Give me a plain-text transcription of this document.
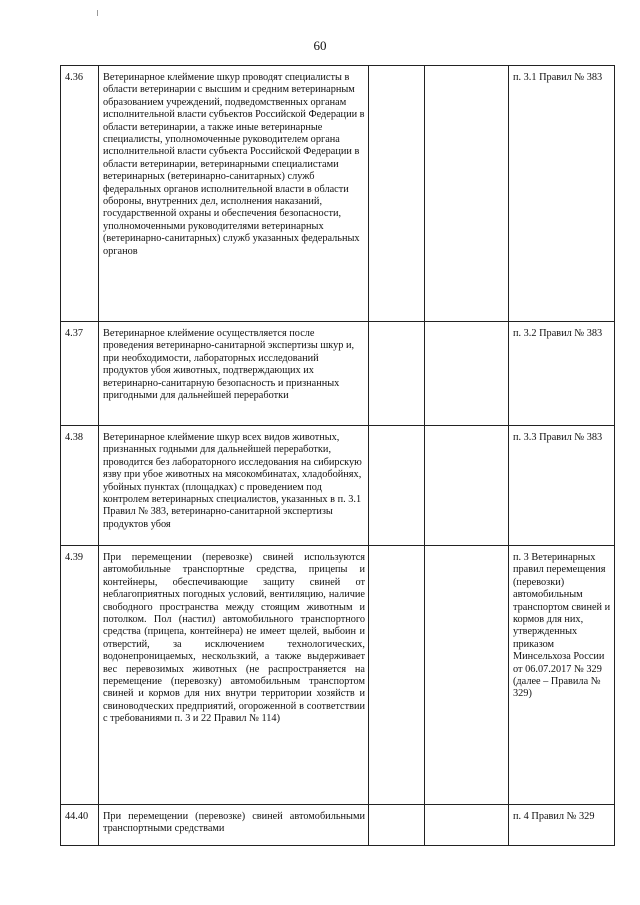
60
4.36	Ветеринарное клеймение шкур проводят специалисты в области ветеринарии с высшим и средним ветеринарным образованием учреждений, подведомственных органам исполнительной власти субъектов Российской Федерации в области ветеринарии, а также иные ветеринарные специалисты, уполномоченные руководителем органа исполнительной власти субъекта Российской Федерации в области ветеринарии, ветеринарными специалистами ветеринарных (ветеринарно-санитарных) служб федеральных органов исполнительной власти в области обороны, внутренних дел, исполнения наказаний, государственной охраны и обеспечения безопасности, уполномоченными руководителями ветеринарных (ветеринарно-санитарных) служб указанных федеральных органов			п. 3.1 Правил № 383
4.37	Ветеринарное клеймение осуществляется после проведения ветеринарно-санитарной экспертизы шкур и, при необходимости, лабораторных исследований продуктов убоя животных, подтверждающих их ветеринарно-санитарную безопасность и признанных пригодными для дальнейшей переработки			п. 3.2 Правил № 383
4.38	Ветеринарное клеймение шкур всех видов животных, признанных годными для дальнейшей переработки, проводится без лабораторного исследования на сибирскую язву при убое животных на мясокомбинатах, хладобойнях, убойных пунктах (площадках) с проведением под контролем ветеринарных специалистов, указанных в п. 3.1 Правил № 383, ветеринарно-санитарной экспертизы продуктов убоя			п. 3.3 Правил № 383
4.39	При перемещении (перевозке) свиней используются автомобильные транспортные средства, прицепы и контейнеры, обеспечивающие защиту свиней от неблагоприятных погодных условий, вентиляцию, наличие свободного пространства между стоящим животным и потолком. Пол (настил) автомобильного транспортного средства (прицепа, контейнера) не имеет щелей, выбоин и отверстий, за исключением технологических, водонепроницаемых, нескользкий, а также выдерживает вес перевозимых животных (не распространяется на перемещение (перевозку) автомобильным транспортом свиней и кормов для них внутри территории хозяйств и свиноводческих предприятий, огороженной в соответствии с требованиями п. 3 и 22 Правил № 114)			п. 3 Ветеринарных правил перемещения (перевозки) автомобильным транспортом свиней и кормов для них, утвержденных приказом Минсельхоза России от 06.07.2017 № 329 (далее – Правила № 329)
44.40	При перемещении (перевозке) свиней автомобильными транспортными средствами			п. 4 Правил № 329
